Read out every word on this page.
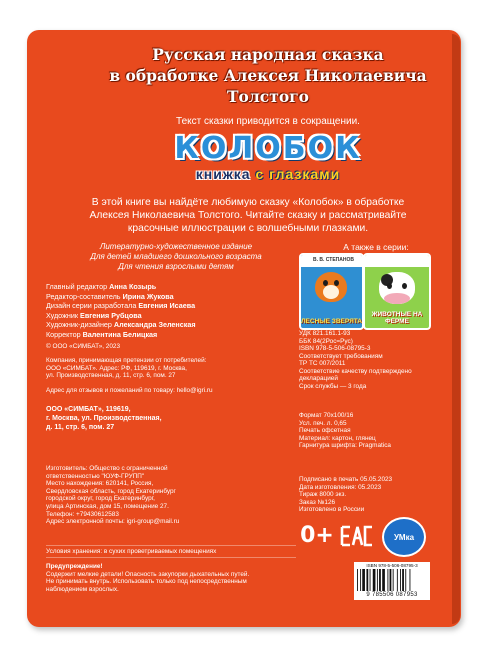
Русская народная сказка
в обработке Алексея Николаевича Толстого
Текст сказки приводится в сокращении.
КОЛОБОК
книжка с глазками
В этой книге вы найдёте любимую сказку «Колобок» в обработке
Алексея Николаевича Толстого. Читайте сказку и рассматривайте
красочные иллюстрации с волшебными глазками.
Литературно-художественное издание
Для детей младшего дошкольного возраста
Для чтения взрослыми детям
А также в серии:
В. В. СТЕПАНОВ
ЛЕСНЫЕ ЗВЕРЯТА
ЖИВОТНЫЕ НА ФЕРМЕ
Главный редактор Анна Козырь
Редактор-составитель Ирина Жукова
Дизайн серии разработала Евгения Исаева
Художник Евгения Рубцова
Художник-дизайнер Александра Зеленская
Корректор Валентина Белицкая
© ООО «СИМБАТ», 2023
Компания, принимающая претензии от потребителей:
ООО «СИМБАТ». Адрес: РФ, 119619, г. Москва,
ул. Производственная, д. 11, стр. 6, пом. 27
Адрес для отзывов и пожеланий по товару: hello@igri.ru
ООО «СИМБАТ», 119619,
г. Москва, ул. Производственная,
д. 11, стр. 6, пом. 27
Изготовитель: Общество с ограниченной
ответственностью "ЮУФ-ГРУПП"
Место нахождения: 620141, Россия,
Свердловская область, город Екатеринбург
городской округ, город Екатеринбург,
улица Артинская, дом 15, помещение 27.
Телефон: +79430612583
Адрес электронной почты: igri-group@mail.ru
Условия хранения: в сухих проветриваемых помещениях
Предупреждение!
Содержит мелкие детали! Опасность закупорки дыхательных путей.
Не принимать внутрь. Использовать только под непосредственным
наблюдением взрослых.
УДК 821.161.1-93
ББК 84(2Рос=Рус)
ISBN 978-5-506-08795-3
Соответствует требованиям
ТР ТС 007/2011
Соответствие качеству подтверждено
декларацией
Срок службы — 3 года
Формат 70х100/16
Усл. печ. л. 0,65
Печать офсетная
Материал: картон, глянец
Гарнитура шрифта: Pragmatica
Подписано в печать 05.05.2023
Дата изготовления: 05.2023
Тираж 8000 экз.
Заказ №126
Изготовлено в России
0+	УМка
ISBN 978-5-506-08795-3
9 785506 087953
